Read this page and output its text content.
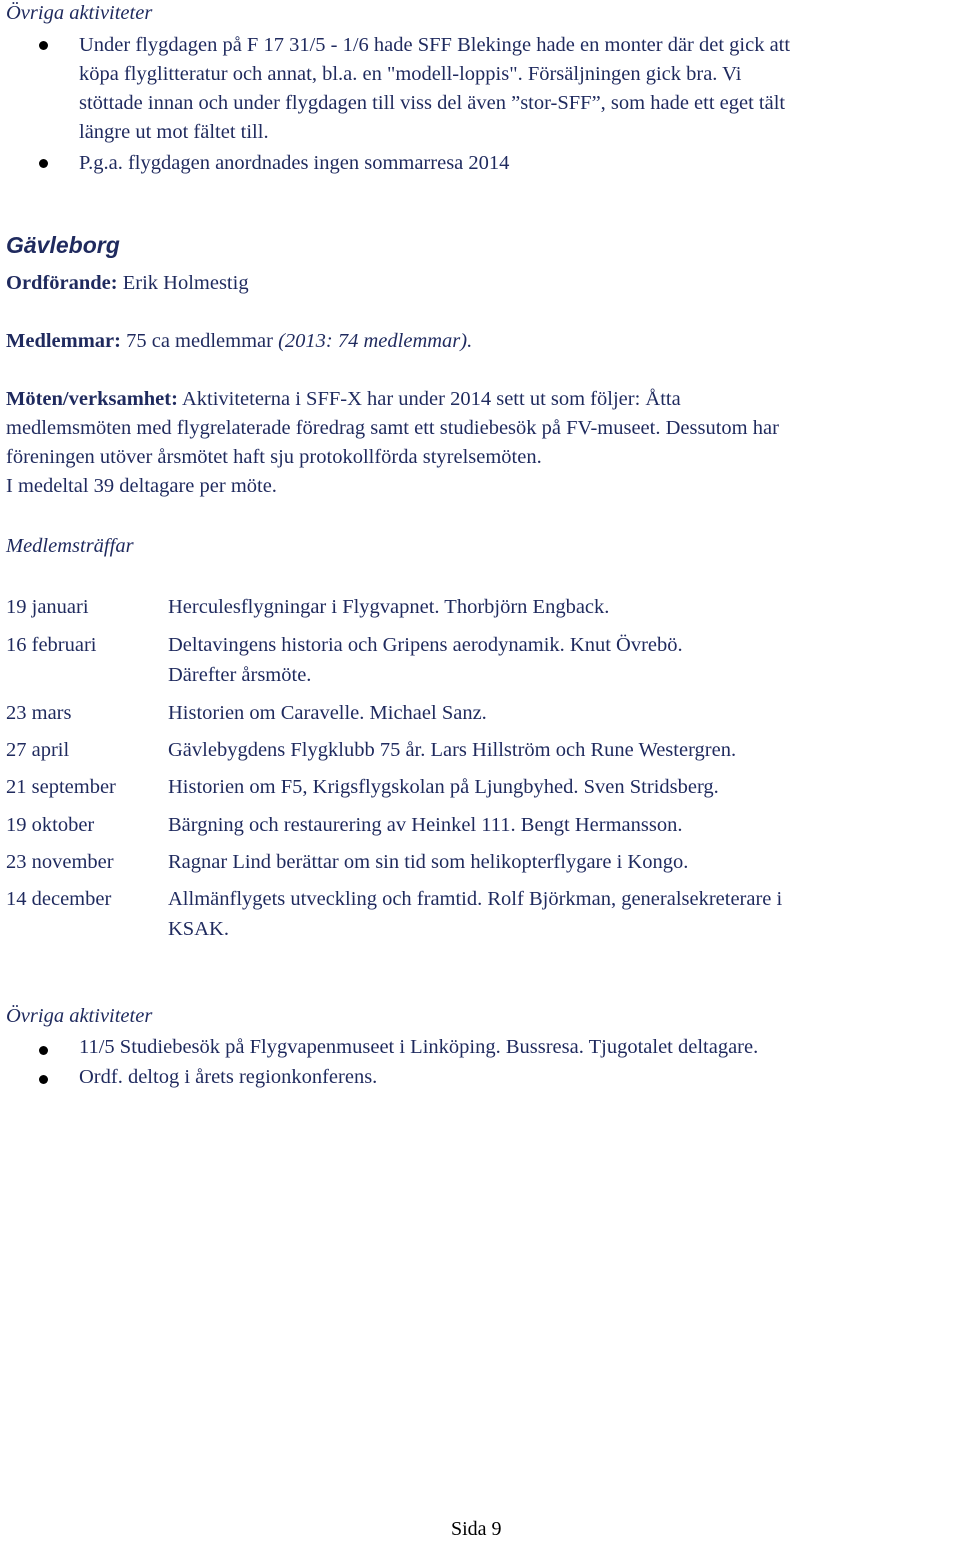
Övriga aktiviteter
Under flygdagen på F 17 31/5 - 1/6 hade SFF Blekinge hade en monter där det gick att
köpa flyglitteratur och annat, bl.a. en "modell-loppis". Försäljningen gick bra. Vi
stöttade innan och under flygdagen till viss del även ”stor-SFF”, som hade ett eget tält
längre ut mot fältet till.
P.g.a. flygdagen anordnades ingen sommarresa 2014
Gävleborg
Ordförande: Erik Holmestig
Medlemmar: 75 ca medlemmar (2013: 74 medlemmar).
Möten/verksamhet: Aktiviteterna i SFF-X har under 2014 sett ut som följer: Åtta
medlemsmöten med flygrelaterade föredrag samt ett studiebesök på FV-museet. Dessutom har
föreningen utöver årsmötet haft sju protokollförda styrelsemöten.
I medeltal 39 deltagare per möte.
Medlemsträffar
19 januari	Herculesflygningar i Flygvapnet. Thorbjörn Engback.
16 februari	Deltavingens historia och Gripens aerodynamik. Knut Övrebö.
Därefter årsmöte.
23 mars	Historien om Caravelle. Michael Sanz.
27 april	Gävlebygdens Flygklubb 75 år. Lars Hillström och Rune Westergren.
21 september	Historien om F5, Krigsflygskolan på Ljungbyhed. Sven Stridsberg.
19 oktober	Bärgning och restaurering av Heinkel 111. Bengt Hermansson.
23 november	Ragnar Lind berättar om sin tid som helikopterflygare i Kongo.
14 december	Allmänflygets utveckling och framtid. Rolf Björkman, generalsekreterare i
KSAK.
Övriga aktiviteter
11/5 Studiebesök på Flygvapenmuseet i Linköping. Bussresa. Tjugotalet deltagare.
Ordf. deltog i årets regionkonferens.
Sida 9
